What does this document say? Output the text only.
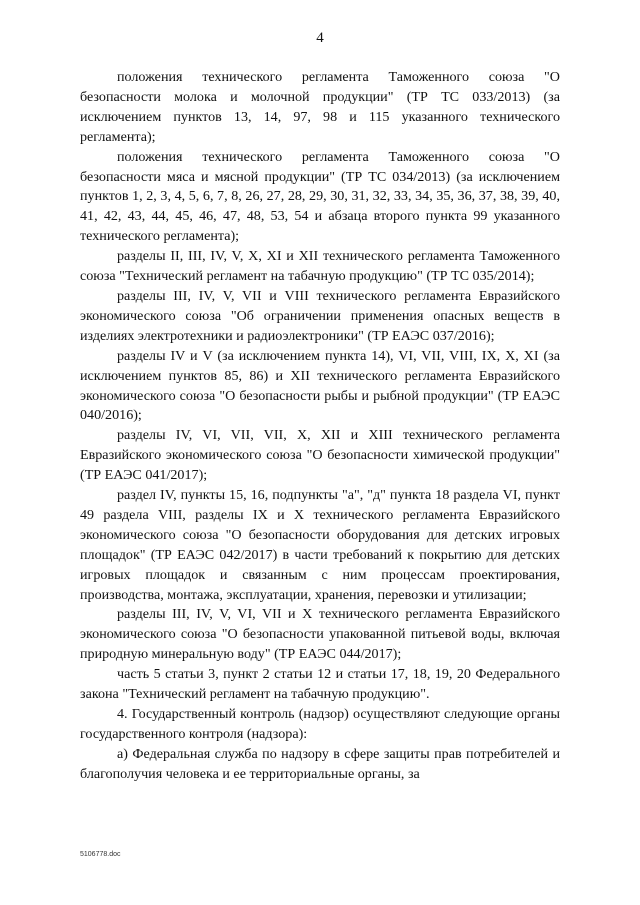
4

положения технического регламента Таможенного союза "О безопасности молока и молочной продукции" (ТР ТС 033/2013) (за исключением пунктов 13, 14, 97, 98 и 115 указанного технического регламента);

положения технического регламента Таможенного союза "О безопасности мяса и мясной продукции" (ТР ТС 034/2013) (за исключением пунктов 1, 2, 3, 4, 5, 6, 7, 8, 26, 27, 28, 29, 30, 31, 32, 33, 34, 35, 36, 37, 38, 39, 40, 41, 42, 43, 44, 45, 46, 47, 48, 53, 54 и абзаца второго пункта 99 указанного технического регламента);

разделы II, III, IV, V, X, XI и XII технического регламента Таможенного союза "Технический регламент на табачную продукцию" (ТР ТС 035/2014);

разделы III, IV, V, VII и VIII технического регламента Евразийского экономического союза "Об ограничении применения опасных веществ в изделиях электротехники и радиоэлектроники" (ТР ЕАЭС 037/2016);

разделы IV и V (за исключением пункта 14), VI, VII, VIII, IX, X, XI (за исключением пунктов 85, 86) и XII технического регламента Евразийского экономического союза "О безопасности рыбы и рыбной продукции" (ТР ЕАЭС 040/2016);

разделы IV, VI, VII, VII, X, XII и XIII технического регламента Евразийского экономического союза "О безопасности химической продукции" (ТР ЕАЭС 041/2017);

раздел IV, пункты 15, 16, подпункты "а", "д" пункта 18 раздела VI, пункт 49 раздела VIII, разделы IX и X технического регламента Евразийского экономического союза "О безопасности оборудования для детских игровых площадок" (ТР ЕАЭС 042/2017) в части требований к покрытию для детских игровых площадок и связанным с ним процессам проектирования, производства, монтажа, эксплуатации, хранения, перевозки и утилизации;

разделы III, IV, V, VI, VII и X технического регламента Евразийского экономического союза "О безопасности упакованной питьевой воды, включая природную минеральную воду" (ТР ЕАЭС 044/2017);

часть 5 статьи 3, пункт 2 статьи 12 и статьи 17, 18, 19, 20 Федерального закона "Технический регламент на табачную продукцию".

4. Государственный контроль (надзор) осуществляют следующие органы государственного контроля (надзора):

а) Федеральная служба по надзору в сфере защиты прав потребителей и благополучия человека и ее территориальные органы, за

5106778.doc
